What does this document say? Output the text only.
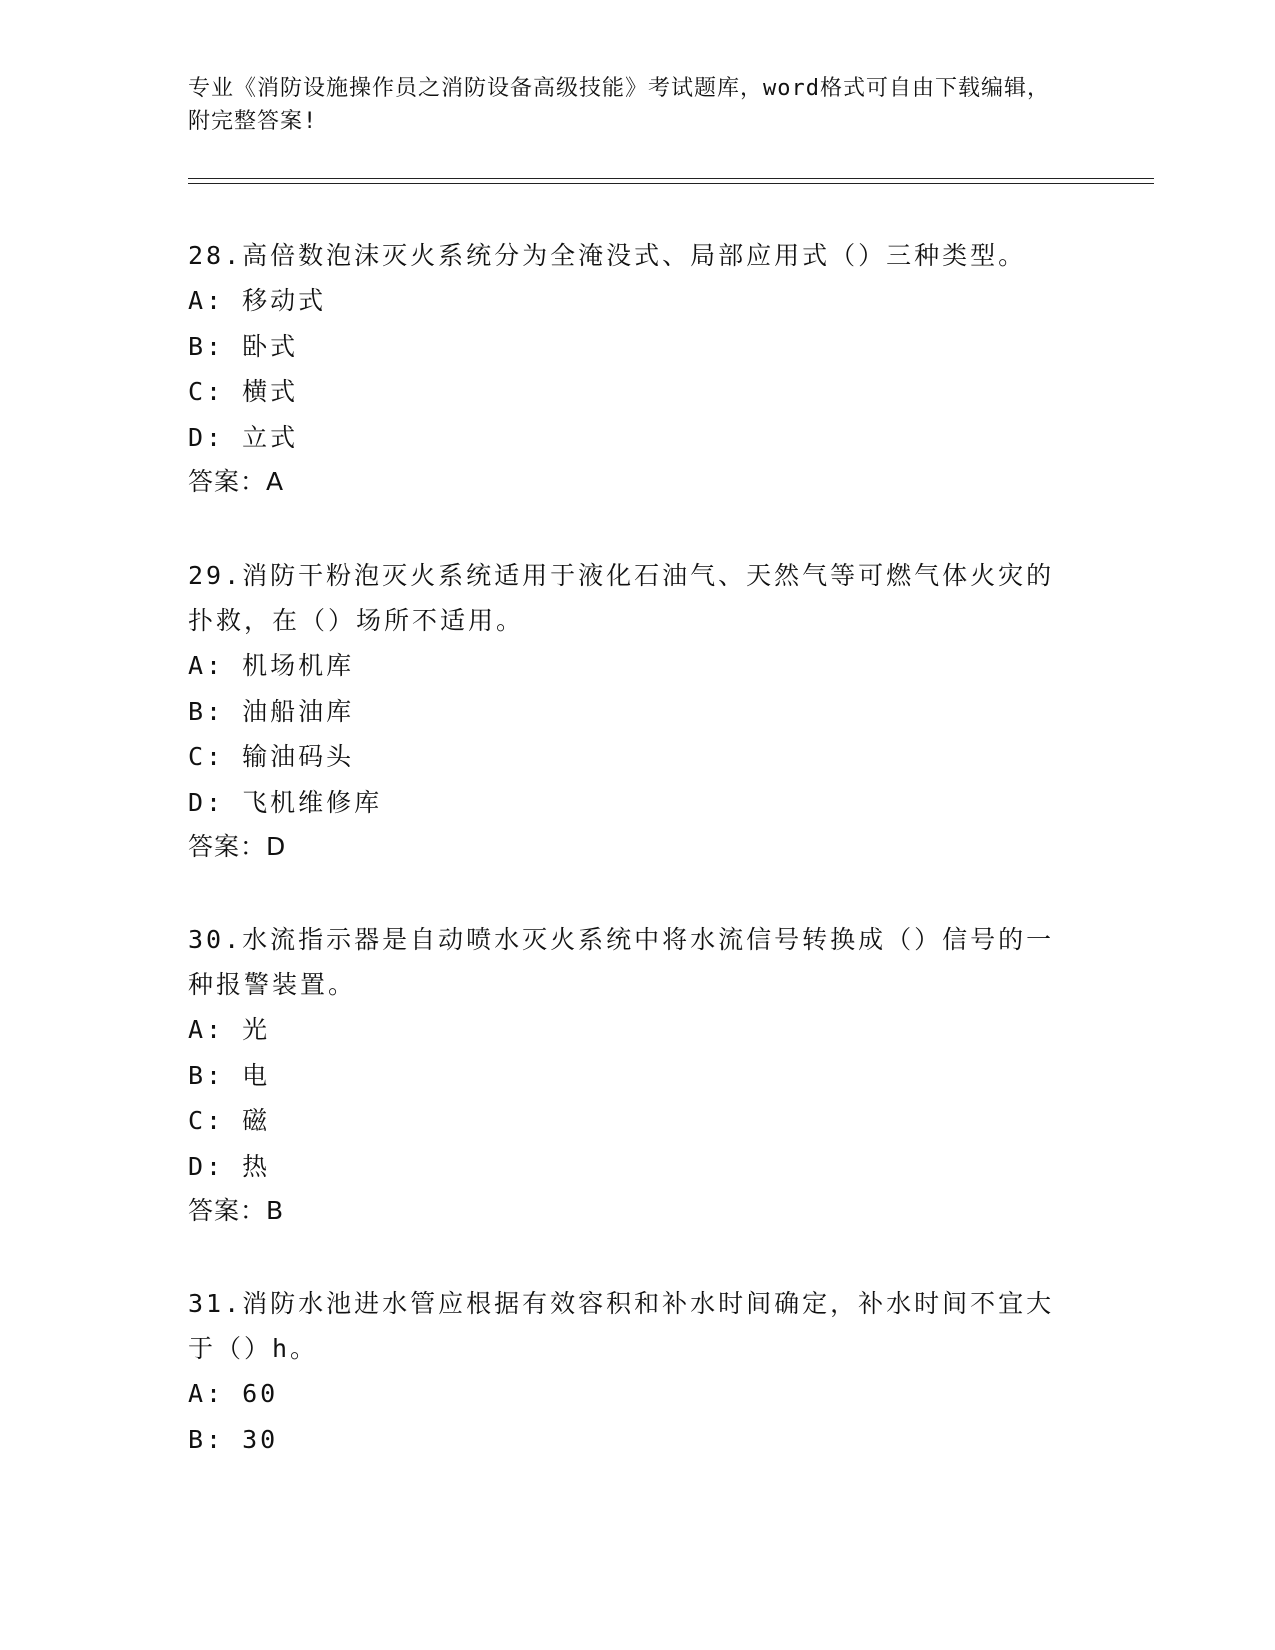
专业《消防设施操作员之消防设备高级技能》考试题库，word格式可自由下载编辑，附完整答案!

28.高倍数泡沫灭火系统分为全淹没式、局部应用式（）三种类型。

A: 移动式

B: 卧式

C: 横式

D: 立式

答案：A

29.消防干粉泡灭火系统适用于液化石油气、天然气等可燃气体火灾的扑救，在（）场所不适用。

A: 机场机库

B: 油船油库

C: 输油码头

D: 飞机维修库

答案：D

30.水流指示器是自动喷水灭火系统中将水流信号转换成（）信号的一种报警装置。

A: 光

B: 电

C: 磁

D: 热

答案：B

31.消防水池进水管应根据有效容积和补水时间确定，补水时间不宜大于（）h。

A: 60

B: 30
